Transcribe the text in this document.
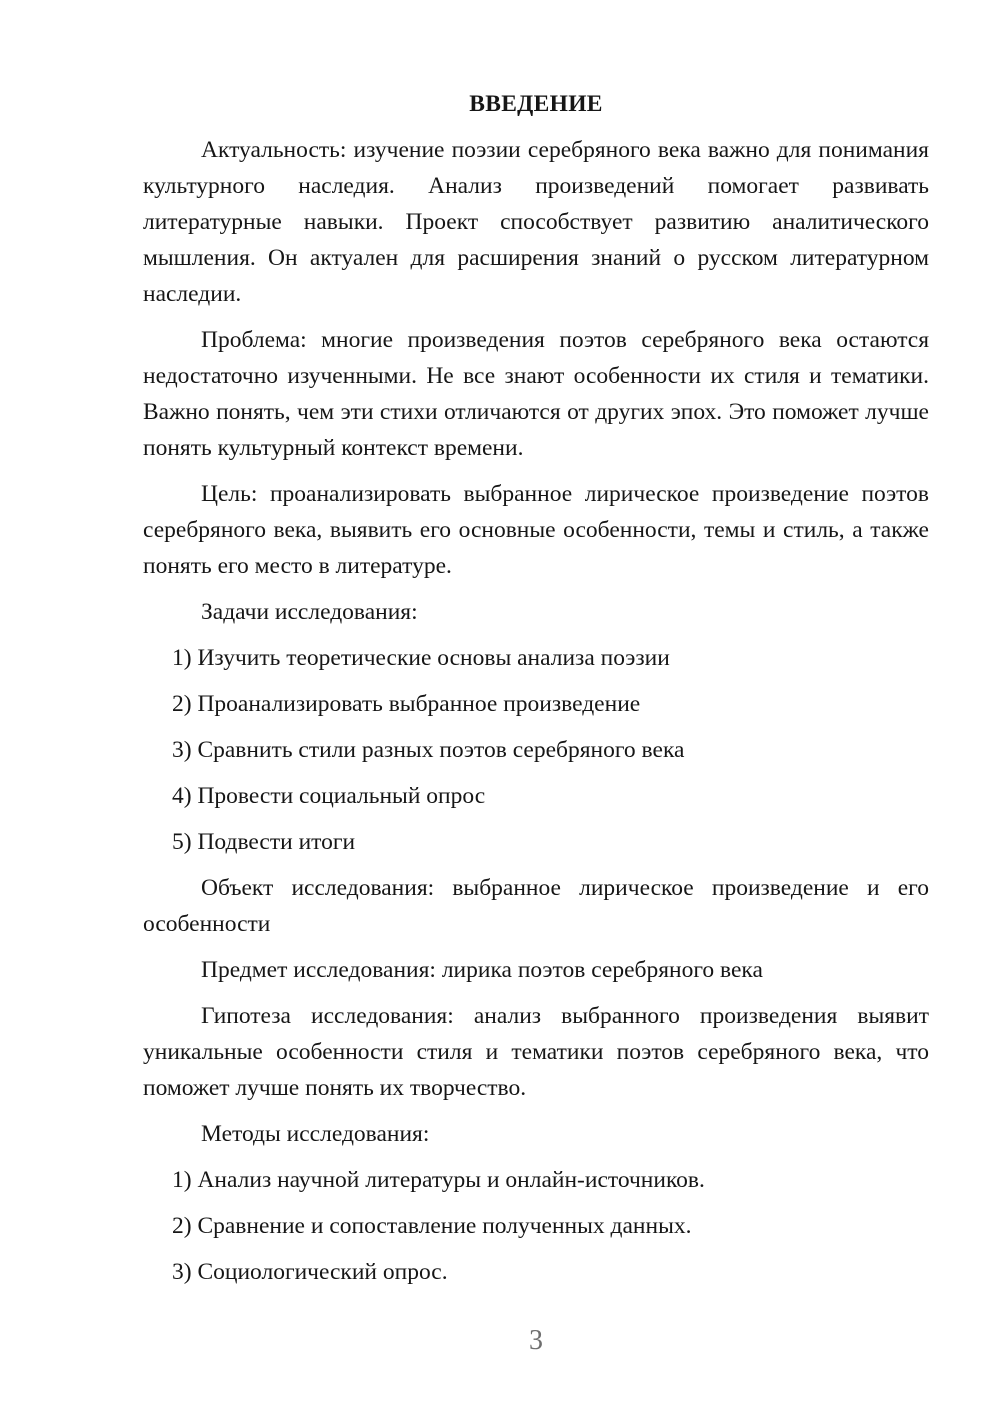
ВВЕДЕНИЕ

Актуальность: изучение поэзии серебряного века важно для понимания культурного наследия. Анализ произведений помогает развивать литературные навыки. Проект способствует развитию аналитического мышления. Он актуален для расширения знаний о русском литературном наследии.

Проблема: многие произведения поэтов серебряного века остаются недостаточно изученными. Не все знают особенности их стиля и тематики. Важно понять, чем эти стихи отличаются от других эпох. Это поможет лучше понять культурный контекст времени.

Цель: проанализировать выбранное лирическое произведение поэтов серебряного века, выявить его основные особенности, темы и стиль, а также понять его место в литературе.

Задачи исследования:

1) Изучить теоретические основы анализа поэзии

2) Проанализировать выбранное произведение

3) Сравнить стили разных поэтов серебряного века

4) Провести социальный опрос

5) Подвести итоги

Объект исследования: выбранное лирическое произведение и его особенности

Предмет исследования: лирика поэтов серебряного века

Гипотеза исследования: анализ выбранного произведения выявит уникальные особенности стиля и тематики поэтов серебряного века, что поможет лучше понять их творчество.

Методы исследования:

1) Анализ научной литературы и онлайн-источников.

2) Сравнение и сопоставление полученных данных.

3) Социологический опрос.

3
